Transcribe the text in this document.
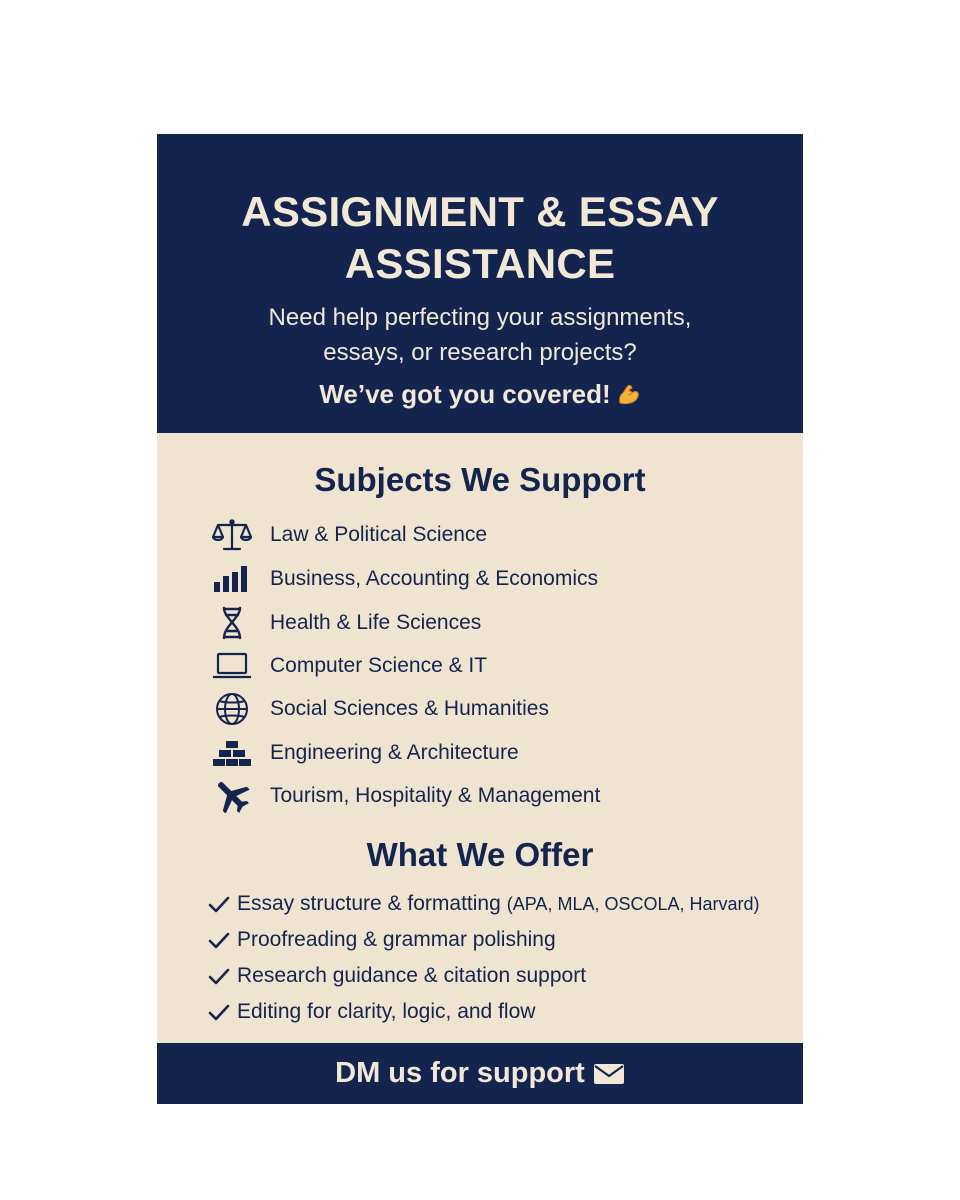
ASSIGNMENT & ESSAY
ASSISTANCE
Need help perfecting your assignments,
essays, or research projects?
We’ve got you covered!
Subjects We Support
Law & Political Science
Business, Accounting & Economics
Health & Life Sciences
Computer Science & IT
Social Sciences & Humanities
Engineering & Architecture
Tourism, Hospitality & Management
What We Offer
Essay structure & formatting (APA, MLA, OSCOLA, Harvard)
Proofreading & grammar polishing
Research guidance & citation support
Editing for clarity, logic, and flow
DM us for support
